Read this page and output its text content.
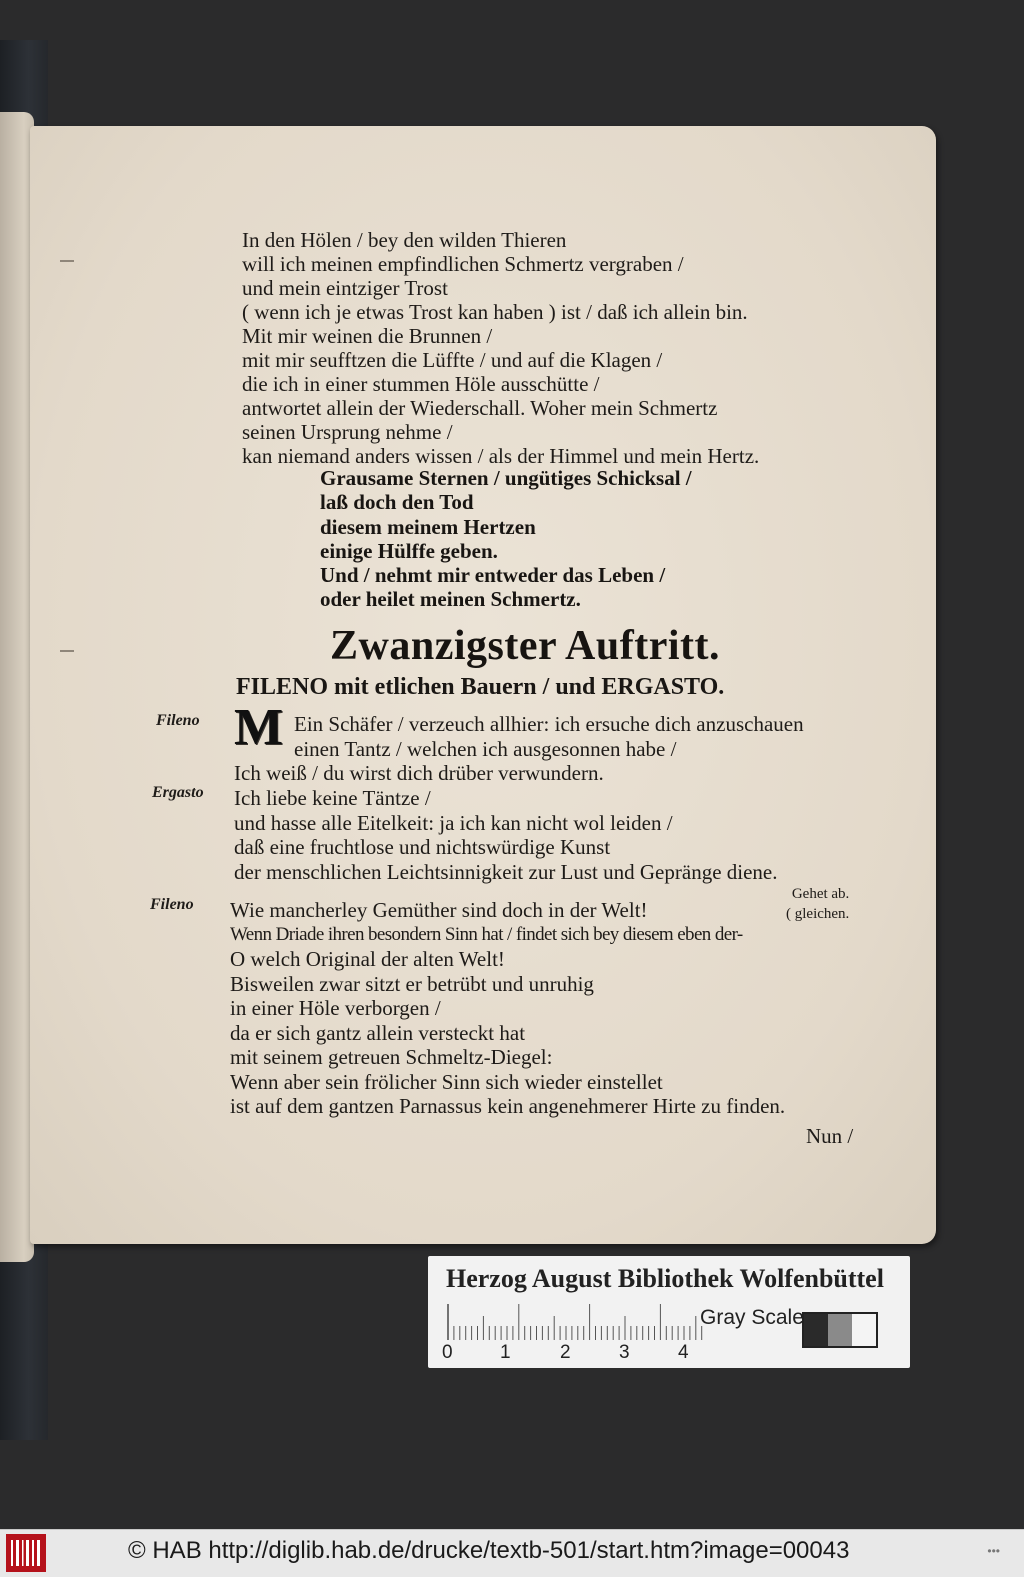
In den Hölen / bey den wilden Thieren
will ich meinen empfindlichen Schmertz vergraben /
und mein eintziger Trost
( wenn ich je etwas Trost kan haben ) ist / daß ich allein bin.
Mit mir weinen die Brunnen /
mit mir seufftzen die Lüffte / und auf die Klagen /
die ich in einer stummen Höle ausschütte /
antwortet allein der Wiederschall. Woher mein Schmertz
seinen Ursprung nehme /
kan niemand anders wissen / als der Himmel und mein Hertz.
Grausame Sternen / ungütiges Schicksal /
laß doch den Tod
diesem meinem Hertzen
einige Hülffe geben.
Und / nehmt mir entweder das Leben /
oder heilet meinen Schmertz.
Zwanzigster Auftritt.
FILENO mit etlichen Bauern / und ERGASTO.
Fileno M Ein Schäfer / verzeuch allhier: ich ersuche dich anzuschauen
einen Tantz / welchen ich ausgesonnen habe /
Ich weiß / du wirst dich drüber verwundern.
Ergasto Ich liebe keine Täntze /
und hasse alle Eitelkeit: ja ich kan nicht wol leiden /
daß eine fruchtlose und nichtswürdige Kunst
der menschlichen Leichtsinnigkeit zur Lust und Gepränge diene.
Fileno Wie mancherley Gemüther sind doch in der Welt!
Wenn Driade ihren besondern Sinn hat / findet sich bey diesem eben der-
O welch Original der alten Welt!
Bisweilen zwar sitzt er betrübt und unruhig
in einer Höle verborgen /
da er sich gantz allein versteckt hat
mit seinem getreuen Schmeltz-Diegel:
Wenn aber sein frölicher Sinn sich wieder einstellet
ist auf dem gantzen Parnassus kein angenehmerer Hirte zu finden.
Gehet ab.
( gleichen.
Nun /
Herzog August Bibliothek Wolfenbüttel
0 1	2	3	4
Gray Scale
© HAB http://diglib.hab.de/drucke/textb-501/start.htm?image=00043	•••
